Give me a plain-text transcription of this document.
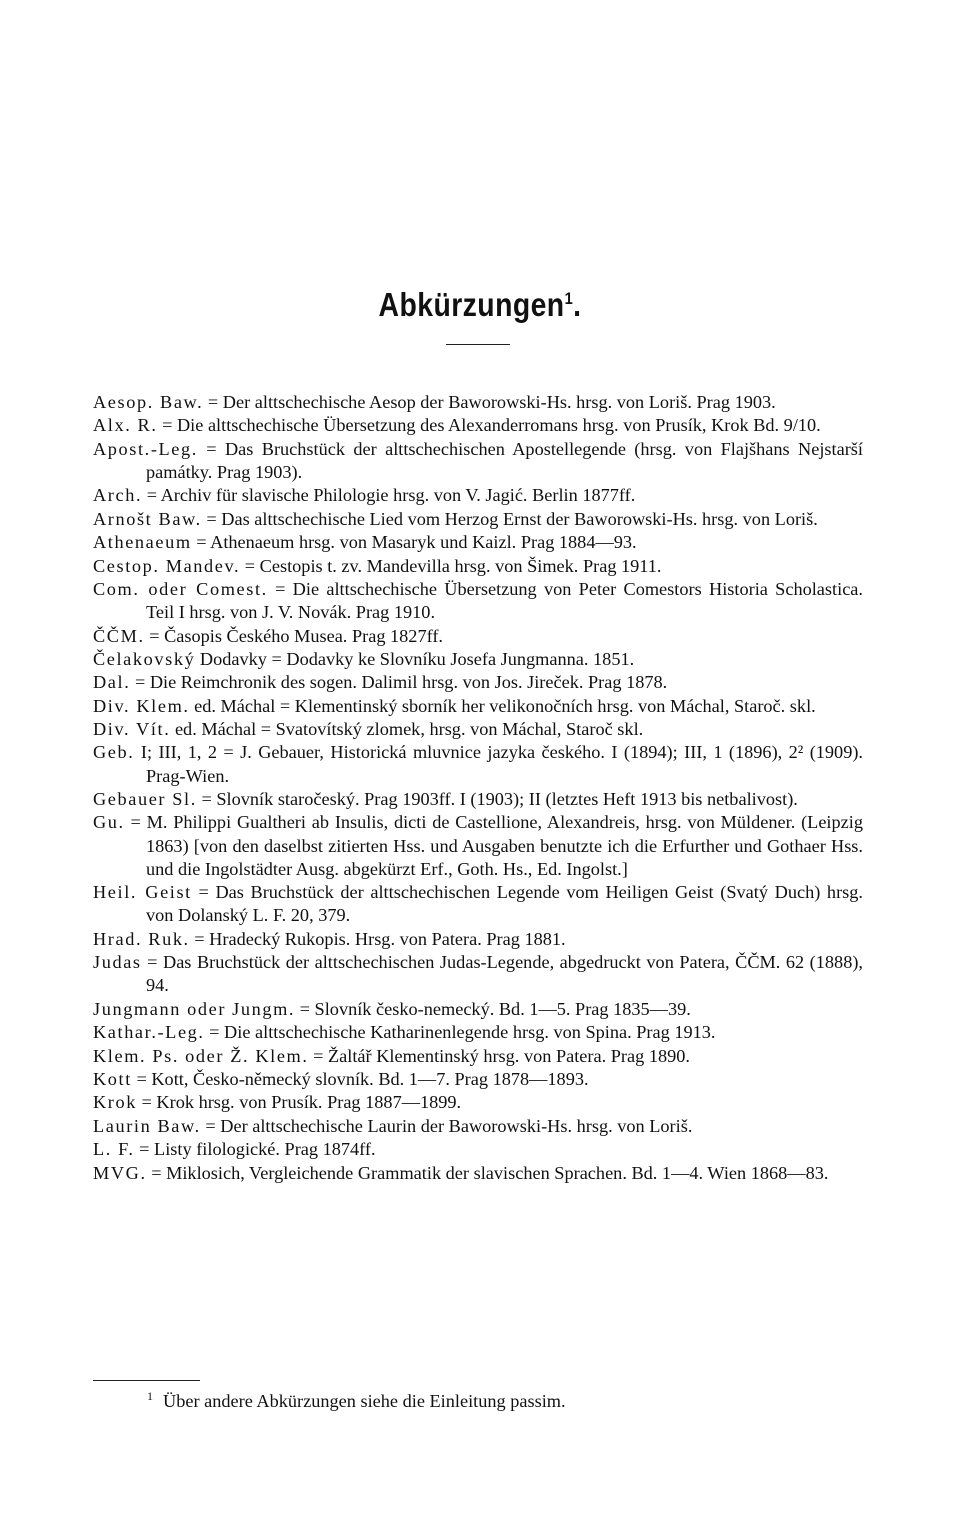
Abkürzungen$^1$.

Aesop. Baw. = Der alttschechische Aesop der Baworowski-Hs. hrsg. von Loriš. Prag 1903.

Alx. R. = Die alttschechische Übersetzung des Alexanderromans hrsg. von Prusík, Krok Bd. 9/10.

Apost.-Leg. = Das Bruchstück der alttschechischen Apostellegende (hrsg. von Flajšhans Nejstarší památky. Prag 1903).

Arch. = Archiv für slavische Philologie hrsg. von V. Jagić. Berlin 1877ff.

Arnošt Baw. = Das alttschechische Lied vom Herzog Ernst der Baworowski-Hs. hrsg. von Loriš.

Athenaeum = Athenaeum hrsg. von Masaryk und Kaizl. Prag 1884—93.

Cestop. Mandev. = Cestopis t. zv. Mandevilla hrsg. von Šimek. Prag 1911.

Com. oder Comest. = Die alttschechische Übersetzung von Peter Comestors Historia Scholastica. Teil I hrsg. von J. V. Novák. Prag 1910.

ČČM. = Časopis Českého Musea. Prag 1827ff.

Čelakovský Dodavky = Dodavky ke Slovníku Josefa Jungmanna. 1851.

Dal. = Die Reimchronik des sogen. Dalimil hrsg. von Jos. Jireček. Prag 1878.

Div. Klem. ed. Máchal = Klementinský sborník her velikonočních hrsg. von Máchal, Staroč. skl.

Div. Vít. ed. Máchal = Svatovítský zlomek, hrsg. von Máchal, Staroč skl.

Geb. I; III, 1, 2 = J. Gebauer, Historická mluvnice jazyka českého. I (1894); III, 1 (1896), 2² (1909). Prag-Wien.

Gebauer Sl. = Slovník staročeský. Prag 1903ff. I (1903); II (letztes Heft 1913 bis netbalivost).

Gu. = M. Philippi Gualtheri ab Insulis, dicti de Castellione, Alexandreis, hrsg. von Müldener. (Leipzig 1863) [von den daselbst zitierten Hss. und Ausgaben benutzte ich die Erfurther und Gothaer Hss. und die Ingolstädter Ausg. abgekürzt Erf., Goth. Hs., Ed. Ingolst.]

Heil. Geist = Das Bruchstück der alttschechischen Legende vom Heiligen Geist (Svatý Duch) hrsg. von Dolanský L. F. 20, 379.

Hrad. Ruk. = Hradecký Rukopis. Hrsg. von Patera. Prag 1881.

Judas = Das Bruchstück der alttschechischen Judas-Legende, abgedruckt von Patera, ČČM. 62 (1888), 94.

Jungmann oder Jungm. = Slovník česko-nemecký. Bd. 1—5. Prag 1835—39.

Kathar.-Leg. = Die alttschechische Katharinenlegende hrsg. von Spina. Prag 1913.

Klem. Ps. oder Ž. Klem. = Žaltář Klementinský hrsg. von Patera. Prag 1890.

Kott = Kott, Česko-německý slovník. Bd. 1—7. Prag 1878—1893.

Krok = Krok hrsg. von Prusík. Prag 1887—1899.

Laurin Baw. = Der alttschechische Laurin der Baworowski-Hs. hrsg. von Loriš.

L. F. = Listy filologické. Prag 1874ff.

MVG. = Miklosich, Vergleichende Grammatik der slavischen Sprachen. Bd. 1—4. Wien 1868—83.

$^1$ Über andere Abkürzungen siehe die Einleitung passim.
